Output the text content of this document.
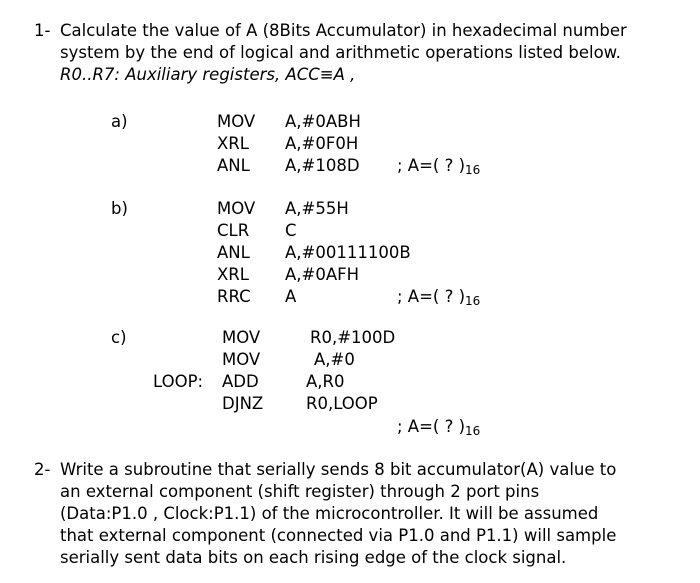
1- Calculate the value of A (8Bits Accumulator) in hexadecimal number
system by the end of logical and arithmetic operations listed below.
R0..R7: Auxiliary registers, ACC≡A ,
a)	MOV A,#0ABH
XRL A,#0F0H
ANL A,#108D ; A=( ? )16
b)	MOV A,#55H
CLR C
ANL A,#00111100B
XRL A,#0AFH
RRC A	; A=( ? )16
c)	MOV	R0,#100D
MOV	A,#0
LOOP: ADD	A,R0
DJNZ	R0,LOOP
; A=( ? )16
2- Write a subroutine that serially sends 8 bit accumulator(A) value to
an external component (shift register) through 2 port pins
(Data:P1.0 , Clock:P1.1) of the microcontroller. It will be assumed
that external component (connected via P1.0 and P1.1) will sample
serially sent data bits on each rising edge of the clock signal.
